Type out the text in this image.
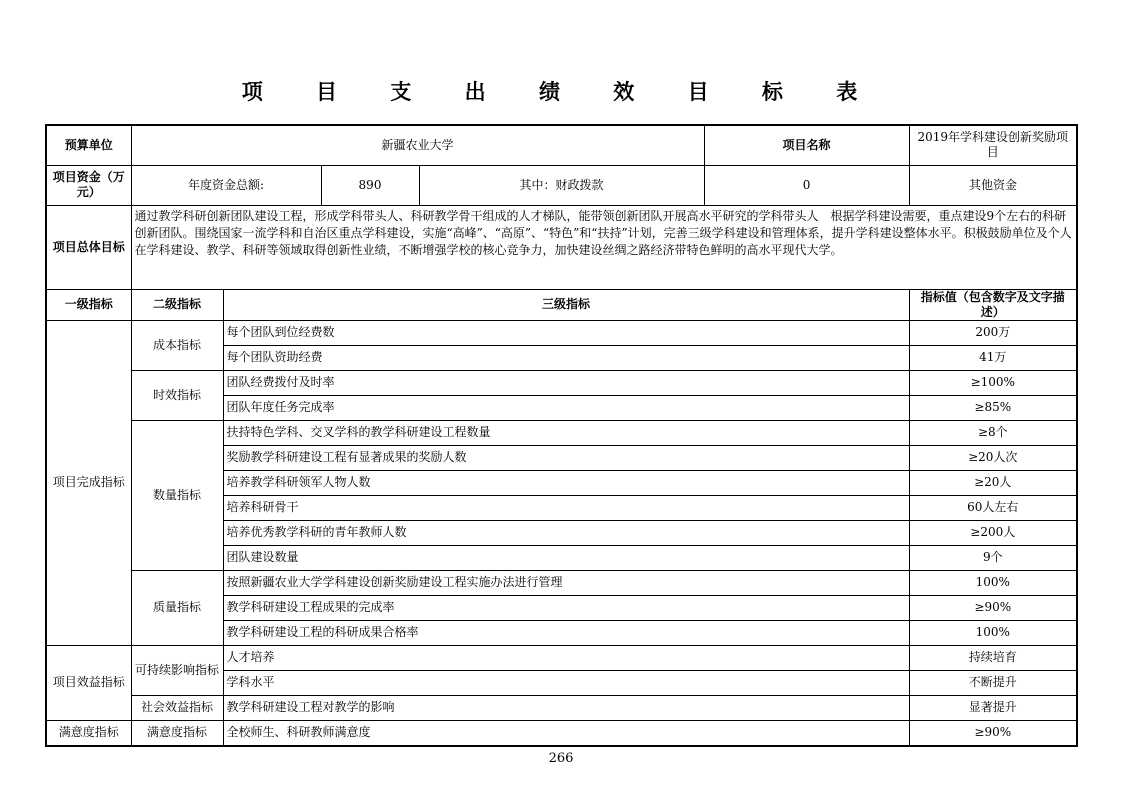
项 目 支 出 绩 效 目 标 表
预算单位	新疆农业大学				项目名称	2019年学科建设创新奖励项目	
项目资金（万元）	年度资金总额:		890	其中：财政拨款	0	其他资金	
项目总体目标	通过教学科研创新团队建设工程，形成学科带头人、科研教学骨干组成的人才梯队，能带领创新团队开展高水平研究的学科带头人　根据学科建设需要，重点建设9个左右的科研创新团队。围绕国家一流学科和自治区重点学科建设，实施“高峰”、“高原”、“特色”和“扶持”计划，完善三级学科建设和管理体系，提升学科建设整体水平。积极鼓励单位及个人在学科建设、教学、科研等领域取得创新性业绩，不断增强学校的核心竞争力，加快建设丝绸之路经济带特色鲜明的高水平现代大学。						
一级指标	二级指标	三级指标				指标值（包含数字及文字描述）	
项目完成指标	成本指标	每个团队到位经费数				200万	
		每个团队资助经费				41万	
	时效指标	团队经费拨付及时率				≥100%	
		团队年度任务完成率				≥85%	
	数量指标	扶持特色学科、交叉学科的教学科研建设工程数量				≥8个	
		奖励教学科研建设工程有显著成果的奖励人数				≥20人次	
		培养教学科研领军人物人数				≥20人	
		培养科研骨干				60人左右	
		培养优秀教学科研的青年教师人数				≥200人	
		团队建设数量				9个	
	质量指标	按照新疆农业大学学科建设创新奖励建设工程实施办法进行管理				100%	
		教学科研建设工程成果的完成率				≥90%	
		教学科研建设工程的科研成果合格率				100%	
项目效益指标	可持续影响指标	人才培养				持续培育	
		学科水平				不断提升	
	社会效益指标	教学科研建设工程对教学的影响				显著提升	
满意度指标	满意度指标	全校师生、科研教师满意度				≥90%	
266
